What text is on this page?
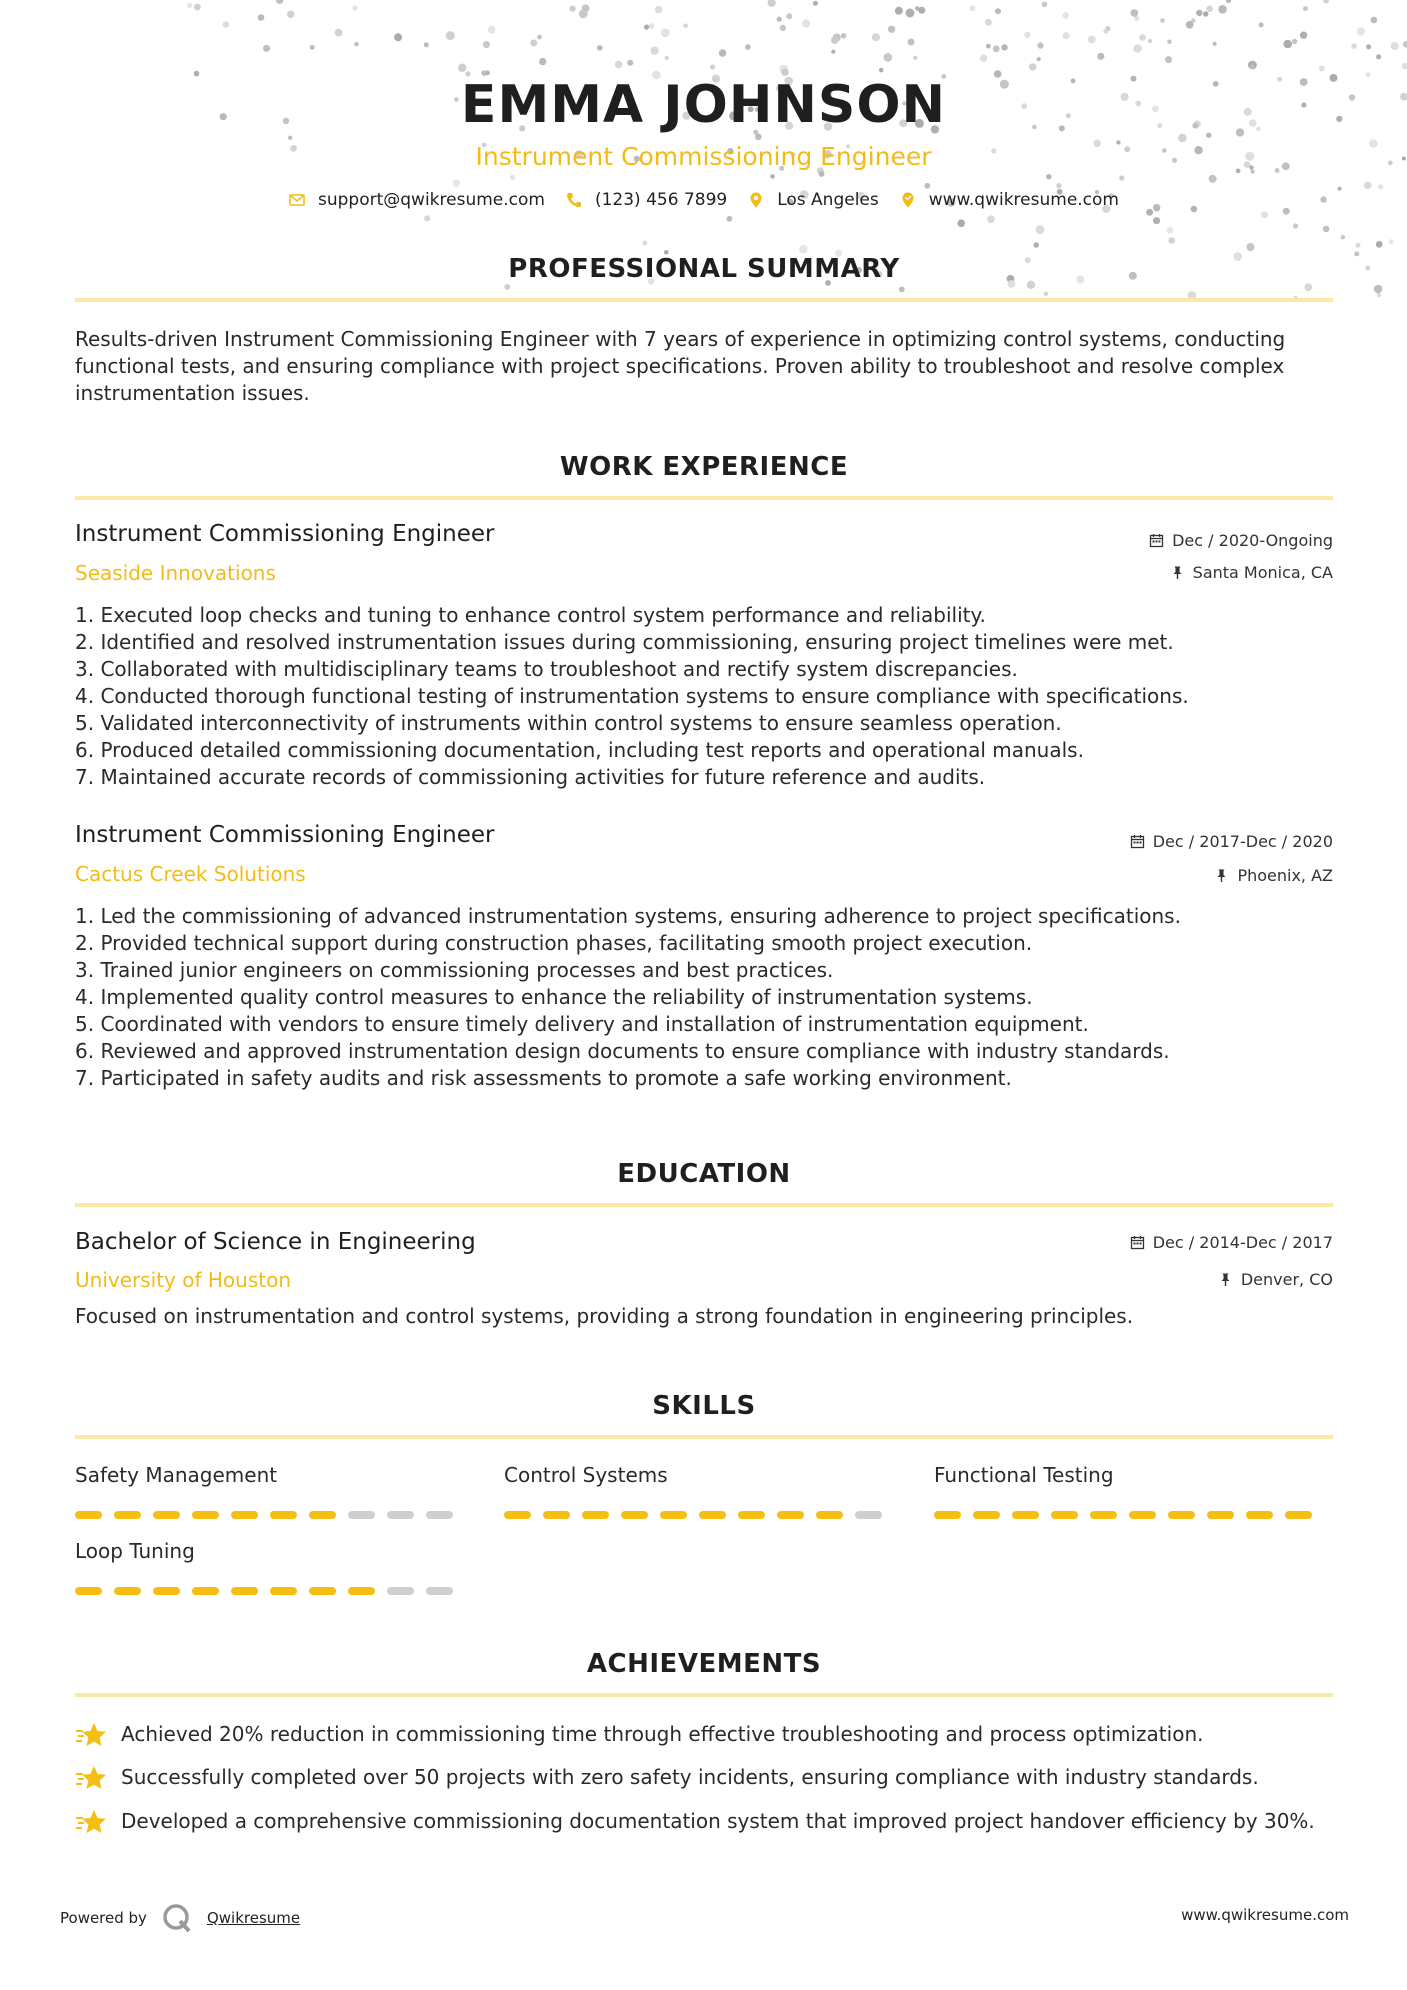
EMMA JOHNSON
Instrument Commissioning Engineer
support@qwikresume.com	(123) 456 7899	Los Angeles	www.qwikresume.com
PROFESSIONAL SUMMARY
Results-driven Instrument Commissioning Engineer with 7 years of experience in optimizing control systems, conducting functional tests, and ensuring compliance with project specifications. Proven ability to troubleshoot and resolve complex instrumentation issues.
WORK EXPERIENCE
Instrument Commissioning Engineer	Dec / 2020-Ongoing
Seaside Innovations	Santa Monica, CA
1. Executed loop checks and tuning to enhance control system performance and reliability.
2. Identified and resolved instrumentation issues during commissioning, ensuring project timelines were met.
3. Collaborated with multidisciplinary teams to troubleshoot and rectify system discrepancies.
4. Conducted thorough functional testing of instrumentation systems to ensure compliance with specifications.
5. Validated interconnectivity of instruments within control systems to ensure seamless operation.
6. Produced detailed commissioning documentation, including test reports and operational manuals.
7. Maintained accurate records of commissioning activities for future reference and audits.
Instrument Commissioning Engineer	Dec / 2017-Dec / 2020
Cactus Creek Solutions	Phoenix, AZ
1. Led the commissioning of advanced instrumentation systems, ensuring adherence to project specifications.
2. Provided technical support during construction phases, facilitating smooth project execution.
3. Trained junior engineers on commissioning processes and best practices.
4. Implemented quality control measures to enhance the reliability of instrumentation systems.
5. Coordinated with vendors to ensure timely delivery and installation of instrumentation equipment.
6. Reviewed and approved instrumentation design documents to ensure compliance with industry standards.
7. Participated in safety audits and risk assessments to promote a safe working environment.
EDUCATION
Bachelor of Science in Engineering	Dec / 2014-Dec / 2017
University of Houston	Denver, CO
Focused on instrumentation and control systems, providing a strong foundation in engineering principles.
SKILLS
Safety Management	Control Systems	Functional Testing
Loop Tuning
ACHIEVEMENTS
Achieved 20% reduction in commissioning time through effective troubleshooting and process optimization.
Successfully completed over 50 projects with zero safety incidents, ensuring compliance with industry standards.
Developed a comprehensive commissioning documentation system that improved project handover efficiency by 30%.
Powered by	Qwikresume	www.qwikresume.com
